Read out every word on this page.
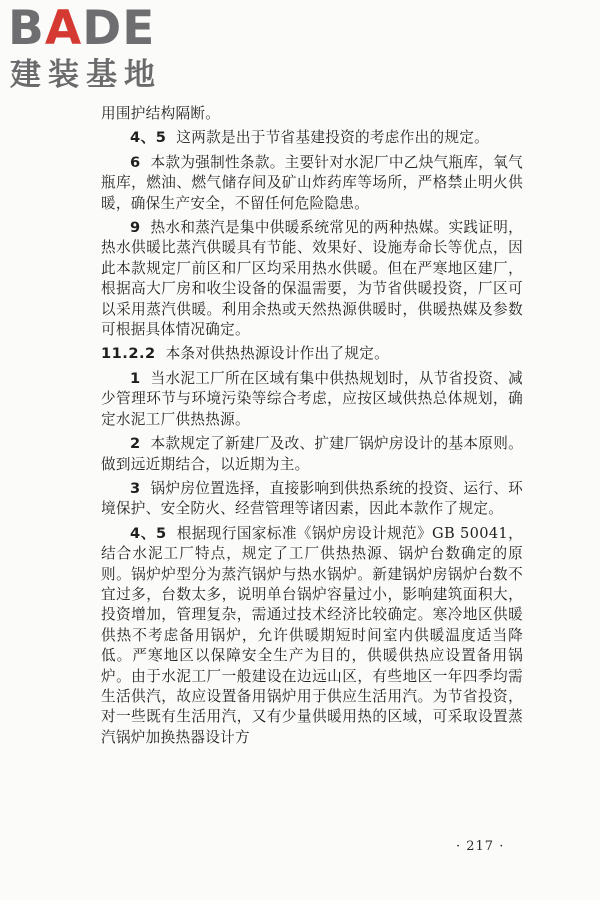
BADE
建装基地

用围护结构隔断。

4、5 这两款是出于节省基建投资的考虑作出的规定。

6 本款为强制性条款。主要针对水泥厂中乙炔气瓶库，氧气瓶库，燃油、燃气储存间及矿山炸药库等场所，严格禁止明火供暖，确保生产安全，不留任何危险隐患。

9 热水和蒸汽是集中供暖系统常见的两种热媒。实践证明，热水供暖比蒸汽供暖具有节能、效果好、设施寿命长等优点，因此本款规定厂前区和厂区均采用热水供暖。但在严寒地区建厂，根据高大厂房和收尘设备的保温需要，为节省供暖投资，厂区可以采用蒸汽供暖。利用余热或天然热源供暖时，供暖热媒及参数可根据具体情况确定。

11.2.2 本条对供热热源设计作出了规定。

1 当水泥工厂所在区域有集中供热规划时，从节省投资、减少管理环节与环境污染等综合考虑，应按区域供热总体规划，确定水泥工厂供热热源。

2 本款规定了新建厂及改、扩建厂锅炉房设计的基本原则。做到远近期结合，以近期为主。

3 锅炉房位置选择，直接影响到供热系统的投资、运行、环境保护、安全防火、经营管理等诸因素，因此本款作了规定。

4、5 根据现行国家标准《锅炉房设计规范》GB 50041，结合水泥工厂特点，规定了工厂供热热源、锅炉台数确定的原则。锅炉炉型分为蒸汽锅炉与热水锅炉。新建锅炉房锅炉台数不宜过多，台数太多，说明单台锅炉容量过小，影响建筑面积大，投资增加，管理复杂，需通过技术经济比较确定。寒冷地区供暖供热不考虑备用锅炉，允许供暖期短时间室内供暖温度适当降低。严寒地区以保障安全生产为目的，供暖供热应设置备用锅炉。由于水泥工厂一般建设在边远山区，有些地区一年四季均需生活供汽，故应设置备用锅炉用于供应生活用汽。为节省投资，对一些既有生活用汽，又有少量供暖用热的区域，可采取设置蒸汽锅炉加换热器设计方

· 217 ·
